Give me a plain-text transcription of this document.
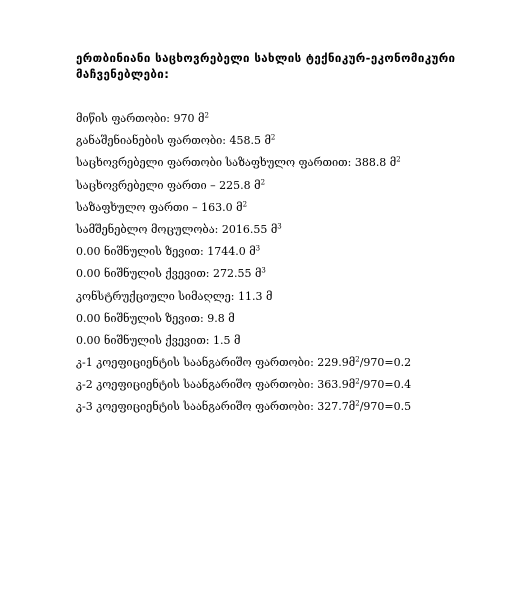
ერთბინიანი საცხოვრებელი სახლის ტექნიკურ-ეკონომიკური მაჩვენებლები:
მიწის ფართობი: 970 მ$^2$
განაშენიანების ფართობი: 458.5 მ$^2$
საცხოვრებელი ფართობი საზაფხულო ფართით: 388.8 მ$^2$
საცხოვრებელი ფართი – 225.8 მ$^2$
საზაფხულო ფართი – 163.0 მ$^2$
სამშენებლო მოცულობა: 2016.55 მ$^3$
0.00 ნიშნულის ზევით: 1744.0 მ$^3$
0.00 ნიშნულის ქვევით: 272.55 მ$^3$
კონსტრუქციული სიმაღლე: 11.3 მ
0.00 ნიშნულის ზევით: 9.8 მ
0.00 ნიშნულის ქვევით: 1.5 მ
კ-1 კოეფიციენტის საანგარიშო ფართობი: 229.9მ$^2$/970=0.2
კ-2 კოეფიციენტის საანგარიშო ფართობი: 363.9მ$^2$/970=0.4
კ-3 კოეფიციენტის საანგარიშო ფართობი: 327.7მ$^2$/970=0.5
